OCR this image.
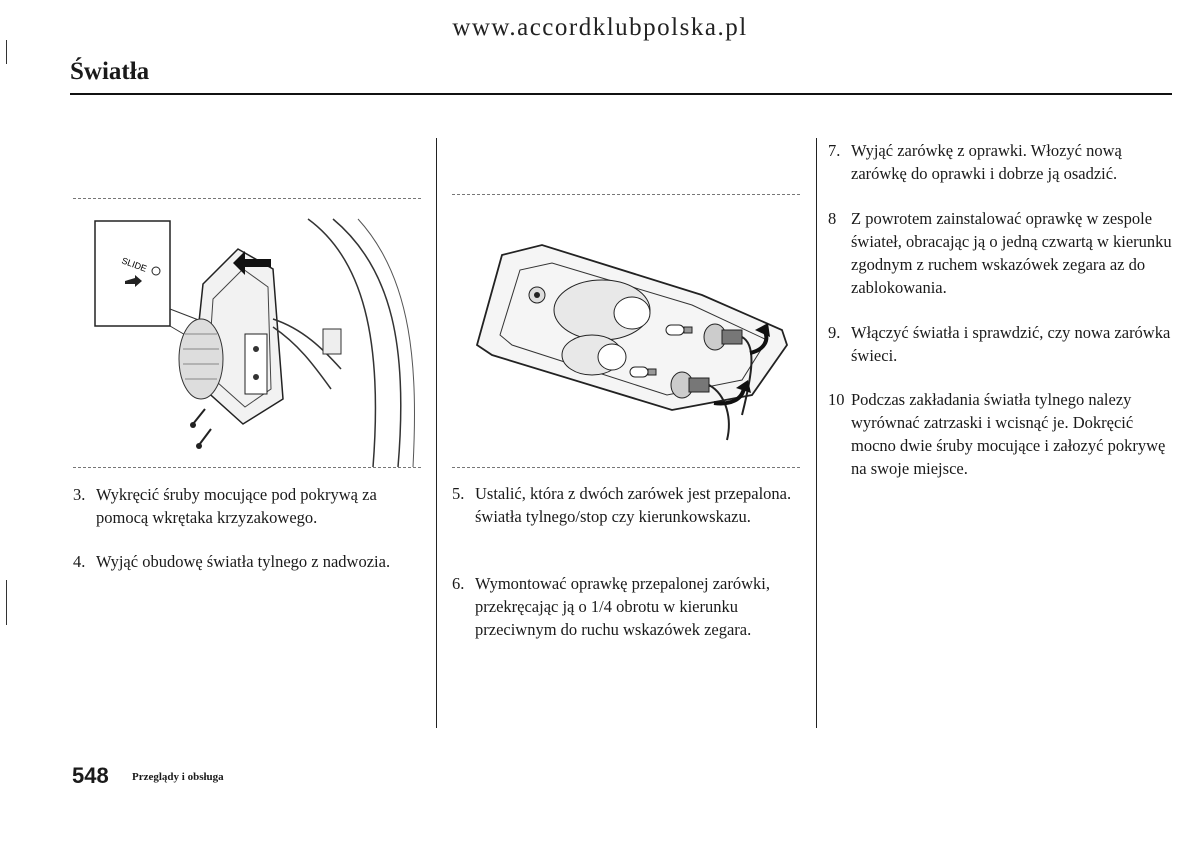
www.accordklubpolska.pl
Światła
SLIDE
3. Wykręcić śruby mocujące pod pokrywą za pomocą wkrętaka krzyzakowego.
4. Wyjąć obudowę światła tylnego z nadwozia.
5. Ustalić, która z dwóch zarówek jest przepalona. światła tylnego/stop czy kierunkowskazu.
6. Wymontować oprawkę przepalonej zarówki, przekręcając ją o 1/4 obrotu w kierunku przeciwnym do ruchu wskazówek zegara.
7. Wyjąć zarówkę z oprawki. Włozyć nową zarówkę do oprawki i dobrze ją osadzić.
8 Z powrotem zainstalować oprawkę w zespole świateł, obracając ją o jedną czwartą w kierunku zgodnym z ruchem wskazówek zegara az do zablokowania.
9. Włączyć światła i sprawdzić, czy nowa zarówka świeci.
10 Podczas zakładania światła tylnego nalezy wyrównać zatrzaski i wcisnąć je. Dokręcić mocno dwie śruby mocujące i załozyć pokrywę na swoje miejsce.
548 Przeglądy i obsługa
